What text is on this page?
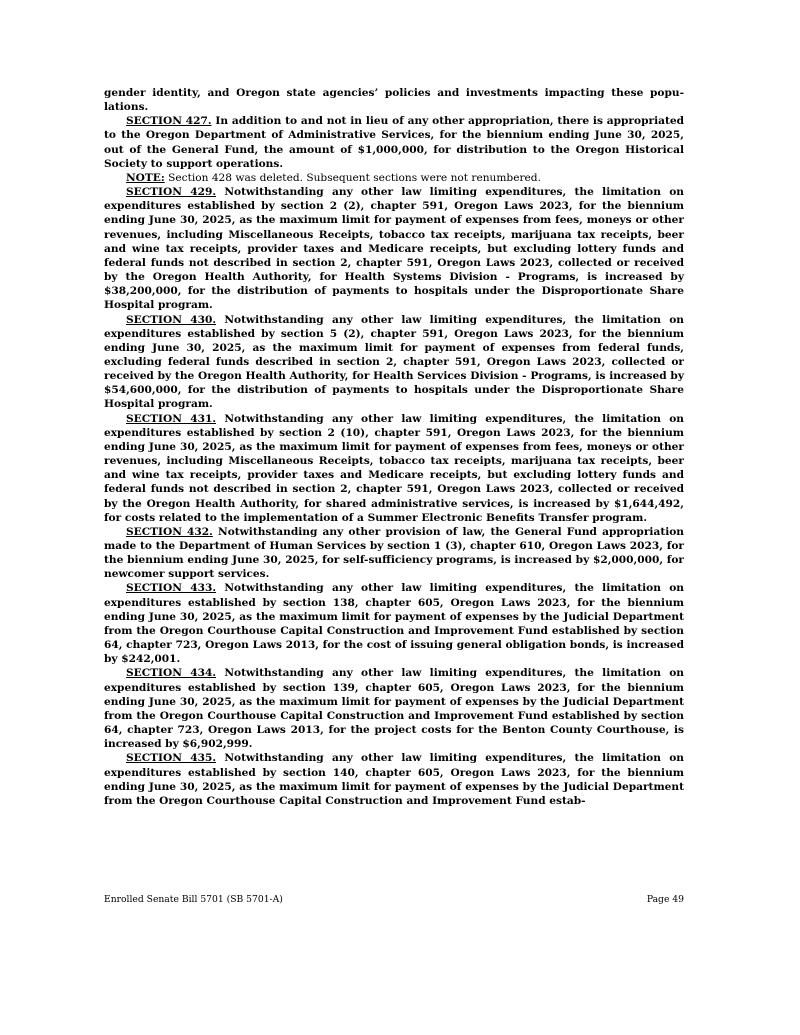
gender identity, and Oregon state agencies’ policies and investments impacting these populations.

SECTION 427. In addition to and not in lieu of any other appropriation, there is appropriated to the Oregon Department of Administrative Services, for the biennium ending June 30, 2025, out of the General Fund, the amount of $1,000,000, for distribution to the Oregon Historical Society to support operations.

NOTE: Section 428 was deleted. Subsequent sections were not renumbered.

SECTION 429. Notwithstanding any other law limiting expenditures, the limitation on expenditures established by section 2 (2), chapter 591, Oregon Laws 2023, for the biennium ending June 30, 2025, as the maximum limit for payment of expenses from fees, moneys or other revenues, including Miscellaneous Receipts, tobacco tax receipts, marijuana tax receipts, beer and wine tax receipts, provider taxes and Medicare receipts, but excluding lottery funds and federal funds not described in section 2, chapter 591, Oregon Laws 2023, collected or received by the Oregon Health Authority, for Health Systems Division - Programs, is increased by $38,200,000, for the distribution of payments to hospitals under the Disproportionate Share Hospital program.

SECTION 430. Notwithstanding any other law limiting expenditures, the limitation on expenditures established by section 5 (2), chapter 591, Oregon Laws 2023, for the biennium ending June 30, 2025, as the maximum limit for payment of expenses from federal funds, excluding federal funds described in section 2, chapter 591, Oregon Laws 2023, collected or received by the Oregon Health Authority, for Health Services Division - Programs, is increased by $54,600,000, for the distribution of payments to hospitals under the Disproportionate Share Hospital program.

SECTION 431. Notwithstanding any other law limiting expenditures, the limitation on expenditures established by section 2 (10), chapter 591, Oregon Laws 2023, for the biennium ending June 30, 2025, as the maximum limit for payment of expenses from fees, moneys or other revenues, including Miscellaneous Receipts, tobacco tax receipts, marijuana tax receipts, beer and wine tax receipts, provider taxes and Medicare receipts, but excluding lottery funds and federal funds not described in section 2, chapter 591, Oregon Laws 2023, collected or received by the Oregon Health Authority, for shared administrative services, is increased by $1,644,492, for costs related to the implementation of a Summer Electronic Benefits Transfer program.

SECTION 432. Notwithstanding any other provision of law, the General Fund appropriation made to the Department of Human Services by section 1 (3), chapter 610, Oregon Laws 2023, for the biennium ending June 30, 2025, for self-sufficiency programs, is increased by $2,000,000, for newcomer support services.

SECTION 433. Notwithstanding any other law limiting expenditures, the limitation on expenditures established by section 138, chapter 605, Oregon Laws 2023, for the biennium ending June 30, 2025, as the maximum limit for payment of expenses by the Judicial Department from the Oregon Courthouse Capital Construction and Improvement Fund established by section 64, chapter 723, Oregon Laws 2013, for the cost of issuing general obligation bonds, is increased by $242,001.

SECTION 434. Notwithstanding any other law limiting expenditures, the limitation on expenditures established by section 139, chapter 605, Oregon Laws 2023, for the biennium ending June 30, 2025, as the maximum limit for payment of expenses by the Judicial Department from the Oregon Courthouse Capital Construction and Improvement Fund established by section 64, chapter 723, Oregon Laws 2013, for the project costs for the Benton County Courthouse, is increased by $6,902,999.

SECTION 435. Notwithstanding any other law limiting expenditures, the limitation on expenditures established by section 140, chapter 605, Oregon Laws 2023, for the biennium ending June 30, 2025, as the maximum limit for payment of expenses by the Judicial Department from the Oregon Courthouse Capital Construction and Improvement Fund estab-

Enrolled Senate Bill 5701 (SB 5701-A)	Page 49
